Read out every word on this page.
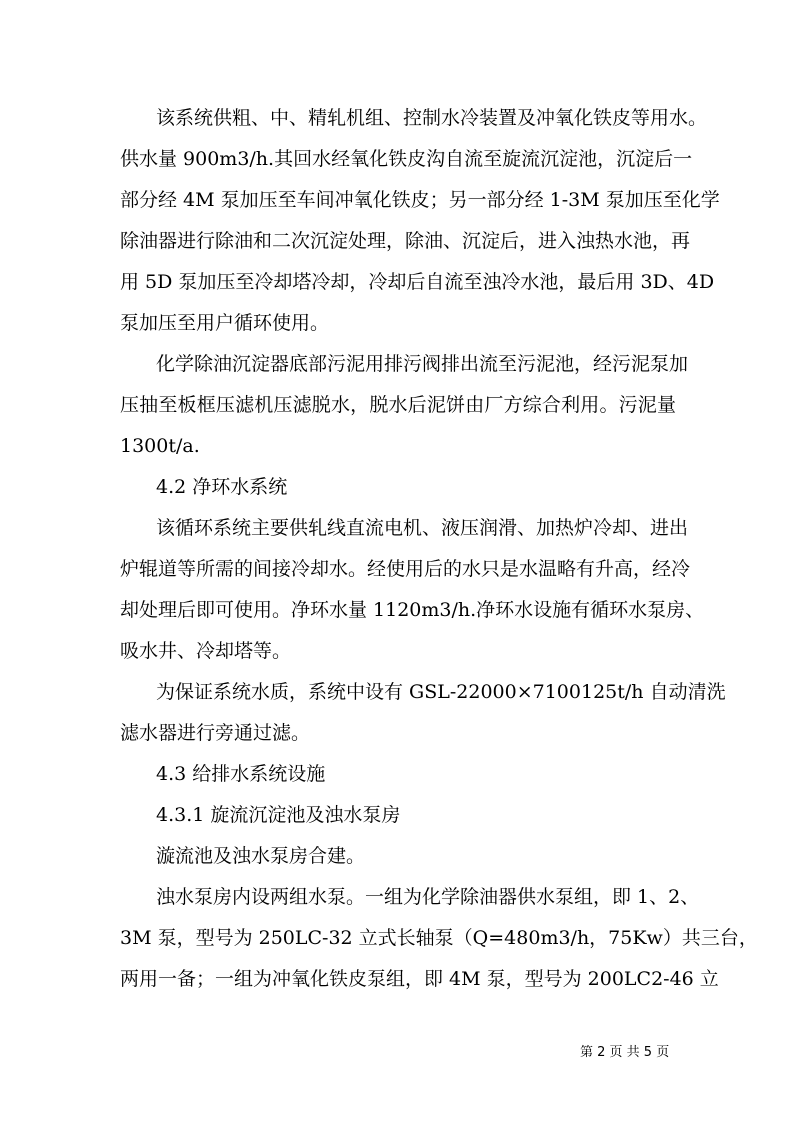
该系统供粗、中、精轧机组、控制水冷装置及冲氧化铁皮等用水。
供水量 900m3/h.其回水经氧化铁皮沟自流至旋流沉淀池，沉淀后一
部分经 4M 泵加压至车间冲氧化铁皮；另一部分经 1-3M 泵加压至化学
除油器进行除油和二次沉淀处理，除油、沉淀后，进入浊热水池，再
用 5D 泵加压至冷却塔冷却，冷却后自流至浊冷水池，最后用 3D、4D
泵加压至用户循环使用。
化学除油沉淀器底部污泥用排污阀排出流至污泥池，经污泥泵加
压抽至板框压滤机压滤脱水，脱水后泥饼由厂方综合利用。污泥量
1300t/a.
4.2 净环水系统
该循环系统主要供轧线直流电机、液压润滑、加热炉冷却、进出
炉辊道等所需的间接冷却水。经使用后的水只是水温略有升高，经冷
却处理后即可使用。净环水量 1120m3/h.净环水设施有循环水泵房、
吸水井、冷却塔等。
为保证系统水质，系统中设有 GSL-22000×7100125t/h 自动清洗
滤水器进行旁通过滤。
4.3 给排水系统设施
4.3.1 旋流沉淀池及浊水泵房
漩流池及浊水泵房合建。
浊水泵房内设两组水泵。一组为化学除油器供水泵组，即 1、2、
3M 泵，型号为 250LC-32 立式长轴泵（Q=480m3/h，75Kw）共三台，
两用一备；一组为冲氧化铁皮泵组，即 4M 泵，型号为 200LC2-46 立
第 2 页 共 5 页
